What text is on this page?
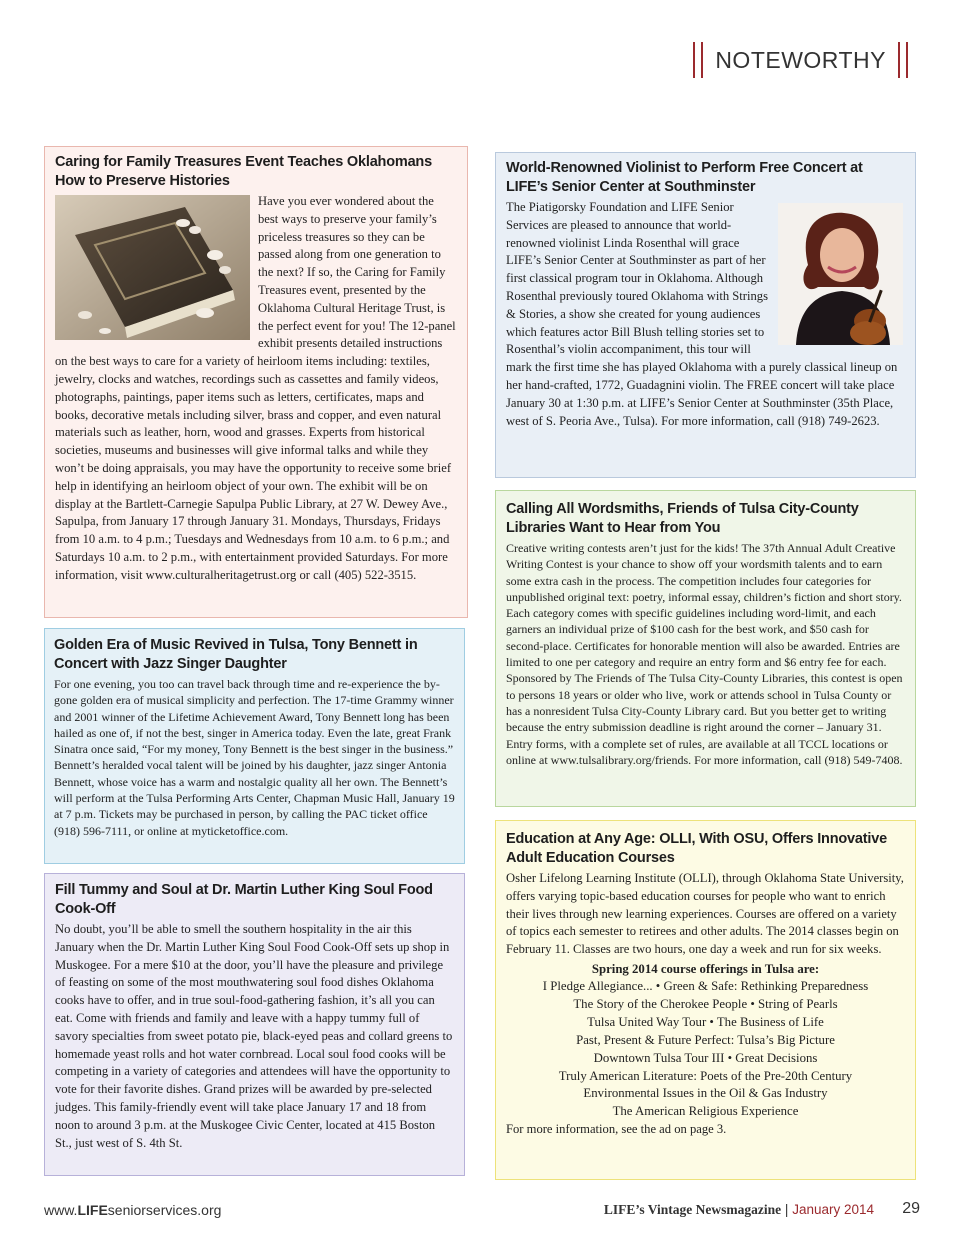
NOTEWORTHY
Caring for Family Treasures Event Teaches Oklahomans How to Preserve Histories

Have you ever wondered about the best ways to preserve your family’s priceless treasures so they can be passed along from one generation to the next? If so, the Caring for Family Treasures event, presented by the Oklahoma Cultural Heritage Trust, is the perfect event for you! The 12-panel exhibit presents detailed instructions on the best ways to care for a variety of heirloom items including: textiles, jewelry, clocks and watches, recordings such as cassettes and family videos, photographs, paintings, paper items such as letters, certificates, maps and books, decorative metals including silver, brass and copper, and even natural materials such as leather, horn, wood and grasses. Experts from historical societies, museums and businesses will give informal talks and while they won’t be doing appraisals, you may have the opportunity to receive some brief help in identifying an heirloom object of your own. The exhibit will be on display at the Bartlett-Carnegie Sapulpa Public Library, at 27 W. Dewey Ave., Sapulpa, from January 17 through January 31. Mondays, Thursdays, Fridays from 10 a.m. to 4 p.m.; Tuesdays and Wednesdays from 10 a.m. to 6 p.m.; and Saturdays 10 a.m. to 2 p.m., with entertainment provided Saturdays. For more information, visit www.culturalheritagetrust.org or call (405) 522-3515.

Golden Era of Music Revived in Tulsa, Tony Bennett in Concert with Jazz Singer Daughter

For one evening, you too can travel back through time and re-experience the by-gone golden era of musical simplicity and perfection. The 17-time Grammy winner and 2001 winner of the Lifetime Achievement Award, Tony Bennett long has been hailed as one of, if not the best, singer in America today. Even the late, great Frank Sinatra once said, “For my money, Tony Bennett is the best singer in the business.” Bennett’s heralded vocal talent will be joined by his daughter, jazz singer Antonia Bennett, whose voice has a warm and nostalgic quality all her own. The Bennett’s will perform at the Tulsa Performing Arts Center, Chapman Music Hall, January 19 at 7 p.m. Tickets may be purchased in person, by calling the PAC ticket office (918) 596-7111, or online at myticketoffice.com.

Fill Tummy and Soul at Dr. Martin Luther King Soul Food Cook-Off

No doubt, you’ll be able to smell the southern hospitality in the air this January when the Dr. Martin Luther King Soul Food Cook-Off sets up shop in Muskogee. For a mere $10 at the door, you’ll have the pleasure and privilege of feasting on some of the most mouthwatering soul food dishes Oklahoma cooks have to offer, and in true soul-food-gathering fashion, it’s all you can eat. Come with friends and family and leave with a happy tummy full of savory specialties from sweet potato pie, black-eyed peas and collard greens to homemade yeast rolls and hot water cornbread. Local soul food cooks will be competing in a variety of categories and attendees will have the opportunity to vote for their favorite dishes. Grand prizes will be awarded by pre-selected judges. This family-friendly event will take place January 17 and 18 from noon to around 3 p.m. at the Muskogee Civic Center, located at 415 Boston St., just west of S. 4th St.

World-Renowned Violinist to Perform Free Concert at LIFE’s Senior Center at Southminster

The Piatigorsky Foundation and LIFE Senior Services are pleased to announce that world-renowned violinist Linda Rosenthal will grace LIFE’s Senior Center at Southminster as part of her first classical program tour in Oklahoma. Although Rosenthal previously toured Oklahoma with Strings & Stories, a show she created for young audiences which features actor Bill Blush telling stories set to Rosenthal’s violin accompaniment, this tour will mark the first time she has played Oklahoma with a purely classical lineup on her hand-crafted, 1772, Guadagnini violin. The FREE concert will take place January 30 at 1:30 p.m. at LIFE’s Senior Center at Southminster (35th Place, west of S. Peoria Ave., Tulsa). For more information, call (918) 749-2623.

Calling All Wordsmiths, Friends of Tulsa City-County Libraries Want to Hear from You

Creative writing contests aren’t just for the kids! The 37th Annual Adult Creative Writing Contest is your chance to show off your wordsmith talents and to earn some extra cash in the process. The competition includes four categories for unpublished original text: poetry, informal essay, children’s fiction and short story. Each category comes with specific guidelines including word-limit, and each garners an individual prize of $100 cash for the best work, and $50 cash for second-place. Certificates for honorable mention will also be awarded. Entries are limited to one per category and require an entry form and $6 entry fee for each. Sponsored by The Friends of The Tulsa City-County Libraries, this contest is open to persons 18 years or older who live, work or attends school in Tulsa County or has a nonresident Tulsa City-County Library card. But you better get to writing because the entry submission deadline is right around the corner – January 31. Entry forms, with a complete set of rules, are available at all TCCL locations or online at www.tulsalibrary.org/friends. For more information, call (918) 549-7408.

Education at Any Age: OLLI, With OSU, Offers Innovative Adult Education Courses

Osher Lifelong Learning Institute (OLLI), through Oklahoma State University, offers varying topic-based education courses for people who want to enrich their lives through new learning experiences. Courses are offered on a variety of topics each semester to retirees and other adults. The 2014 classes begin on February 11. Classes are two hours, one day a week and run for six weeks.

Spring 2014 course offerings in Tulsa are:
I Pledge Allegiance... • Green & Safe: Rethinking Preparedness
The Story of the Cherokee People • String of Pearls
Tulsa United Way Tour • The Business of Life
Past, Present & Future Perfect: Tulsa’s Big Picture
Downtown Tulsa Tour III • Great Decisions
Truly American Literature: Poets of the Pre-20th Century
Environmental Issues in the Oil & Gas Industry
The American Religious Experience

For more information, see the ad on page 3.

www.LIFEseniorservices.org	LIFE’s Vintage Newsmagazine | January 2014 29
